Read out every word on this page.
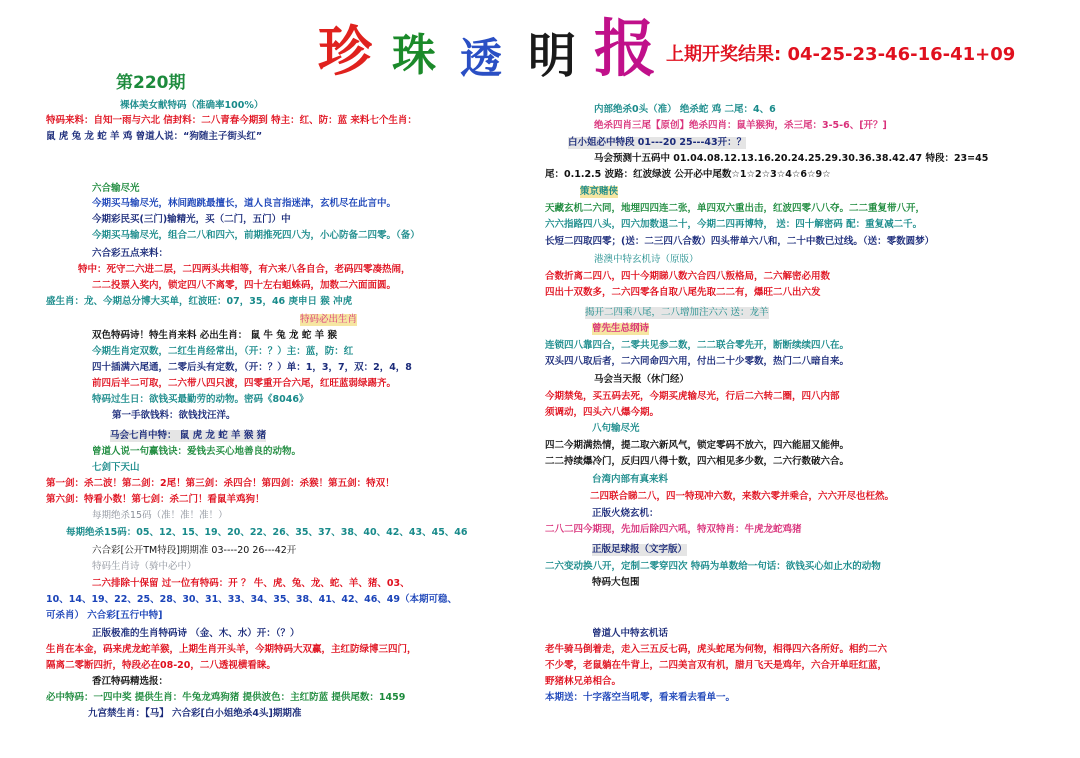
珍 珠 透 明 报
第220期
上期开奖结果: 04-25-23-46-16-41+09
裸体美女献特码（准确率100%）
特码来料：自知一雨与六北 信封料：二八青春今期到 特主：红、防：蓝 来料七个生肖：
鼠 虎 兔 龙 蛇 羊 鸡 曾道人说：“狗随主子街头红”
六合输尽光
今期买马输尽光，林间跑跳最擅长，道人良言指迷津，玄机尽在此言中。
今期彩民买(三门)输精光，买（二门，五门）中
今期买马输尽光，组合二八和四六，前期推死四八为，小心防备二四零。（备）
六合彩五点来料：
特中：死守二六进二层，二四两头共相等，有六来八各自合，老码四零凑热闹，
二二投票入奖内，锁定四八不离零，四十左右蛆蛛码，加数二六面面圆。
盛生肖：龙、今期总分博大买单，红波旺：07，35，46 庚申日 猴 冲虎
特码必出生肖
双色特码诗！特生肖来料 必出生肖： 鼠 牛 兔 龙 蛇 羊 猴
今期生肖定双数，二红生肖经常出，（开：？）主：蓝，防：红
四十插满六尾通，二零后头有定数，（开：？）单：1，3，7，双：2，4，8
前四后半二可取，二六带八四只渡，四零重开合六尾，红旺蓝弱绿踢齐。
特码过生日：欲钱买最勤劳的动物。密码《8046》
第一手欲钱料：欲钱找汪洋。
马会七肖中特： 鼠 虎 龙 蛇 羊 猴 猪
曾道人说一句赢钱诀：爱钱去买心地善良的动物。
七剑下天山
第一剑：杀二波！第二剑：2尾！第三剑：杀四合！第四剑：杀猴！第五剑：特双！
第六剑：特看小数！第七剑：杀二门！看鼠羊鸡狗！
每期绝杀15码（准！准！准！）
每期绝杀15码：05、12、15、19、20、22、26、35、37、38、40、42、43、45、46
六合彩[公开TM特段]期期准 03----20 26---42开
特码生肖诗（骑中必中）
二六排除十保留 过一位有特码：开 ？ 牛、虎、兔、龙、蛇、羊、猪、03、
10、14、19、22、25、28、30、31、33、34、35、38、41、42、46、49（本期可稳、
可杀肖） 六合彩[五行中特]
正版极准的生肖特码诗 （金、木、水）开：（？）
生肖在本金，码来虎龙蛇羊猴，上期生肖开头羊，今期特码大双赢，主红防绿博三四门，
隔离二零断四折，特段必在08-20，二八透视横看睐。
香江特码精选报：
必中特码：一四中奖 提供生肖：牛兔龙鸡狗猪 提供波色：主红防蓝 提供尾数：1459
九宫禁生肖：【马】 六合彩[白小姐绝杀4头]期期准
内部绝杀0头（准） 绝杀蛇 鸡 二尾：4、6
绝杀四肖三尾【原创】绝杀四肖：鼠羊猴狗，杀三尾：3-5-6、[开？]
白小姐必中特段 01---20 25---43开：？
马会预测十五码中 01.04.08.12.13.16.20.24.25.29.30.36.38.42.47 特段：23=45
尾：0.1.2.5 波路：红波绿波 公开必中尾数☆1☆2☆3☆4☆6☆9☆
策京赌侠
天藏玄机二六同，地埋四四连二张，单四双六重出击，红波四零八八夺。二二重复带八开，
六六指路四八头，四六加数退二十，今期二四再博特， 送：四十解密码 配：重复减二千。
长短二四取四零；(送：二三四八合数）四头带单六八和，二十中数已过线。（送：零数圆梦）
港澳中特玄机诗（原版）
合数折离二四八，四十今期睇八数六合四八叛格局，二六解密必用数
四出十双数多，二六四零各自取八尾先取二二有，爆旺二八出六发
揭开二四乘八尾，二八增加注六六 送：龙羊
曾先生总纲诗
连锁四八靠四合，二零共见参二数，二二联合零先开，断断续续四八在。
双头四八取后者，二六同命四六用，付出二十少零数，热门二八暗自来。
马会当天报（休门经）
今期禁兔，买五码去死，今期买虎输尽光，行后二六转二圈，四八内部
须调动，四头六八爆今期。
八句输尽光
四二今期满热情，提二取六新风气，锁定零码不放六，四六能屈又能伸。
二二持续爆冷门，反归四八得十数，四六相见多少数，二六行数破六合。
台湾内部有真来料
二四联合睇二八，四一特现冲六数，来数六零并乘合，六六开尽也枉然。
正版火烧玄机：
二八二四今期现，先加后除四六吼，特双特肖：牛虎龙蛇鸡猪
正版足球报（文字版）
二六变动换八开，定制二零穿四次 特码为单数给一句话：欲钱买心如止水的动物
特码大包围
曾道人中特玄机话
老牛骑马倒着走，走入三五反七码，虎头蛇尾为何物，相得四六各所好。相约二六
不少零，老鼠躺在牛背上，二四美言双有机，腊月飞天是鸡年，六合开单旺红蓝，
野猪林兄弟相合。
本期送：十字落空当吼零，看来看去看单一。
